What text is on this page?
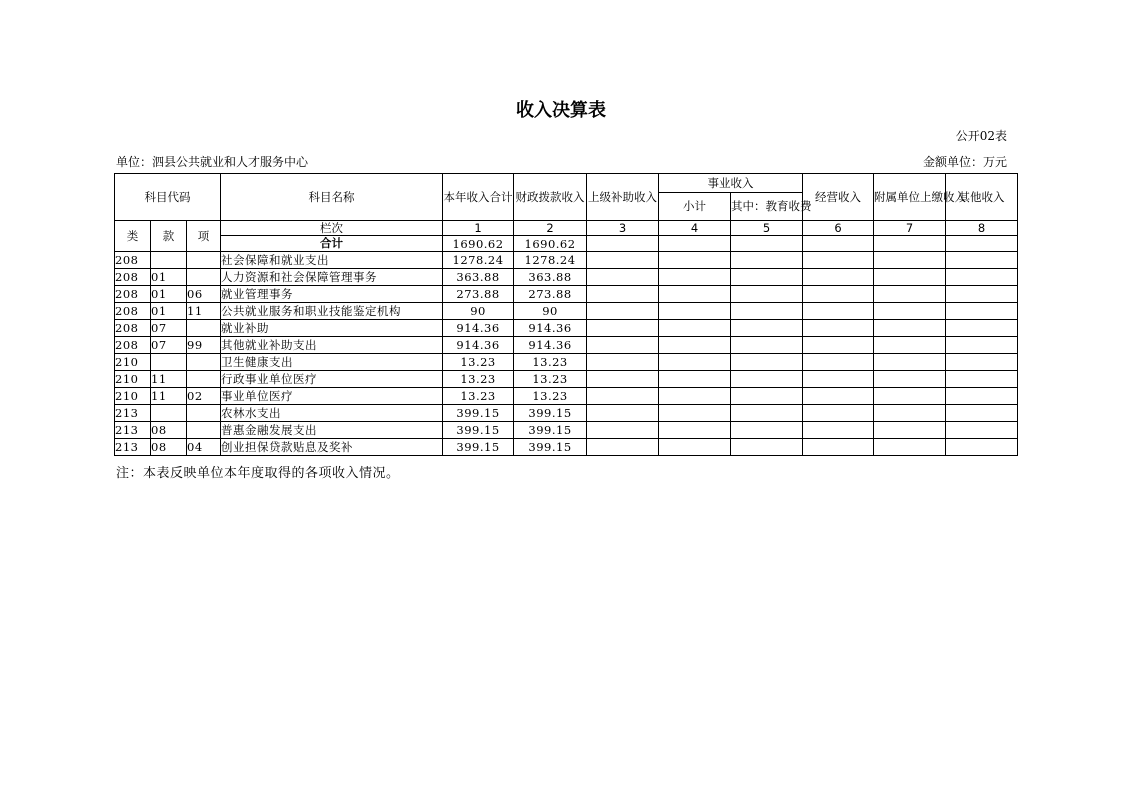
收入决算表
公开02表
单位：泗县公共就业和人才服务中心	金额单位：万元
科目代码			科目名称	本年收入合计	财政拨款收入	上级补助收入	事业收入		经营收入	附属单位上缴收入	其他收入
							小计	其中：教育收费			
类	款	项	栏次	1	2	3	4	5	6	7	8
			合计	1690.62	1690.62						
208			社会保障和就业支出	1278.24	1278.24						
208	01		人力资源和社会保障管理事务	363.88	363.88						
208	01	06	就业管理事务	273.88	273.88						
208	01	11	公共就业服务和职业技能鉴定机构	90	90						
208	07		就业补助	914.36	914.36						
208	07	99	其他就业补助支出	914.36	914.36						
210			卫生健康支出	13.23	13.23						
210	11		行政事业单位医疗	13.23	13.23						
210	11	02	事业单位医疗	13.23	13.23						
213			农林水支出	399.15	399.15						
213	08		普惠金融发展支出	399.15	399.15						
213	08	04	创业担保贷款贴息及奖补	399.15	399.15						
注：本表反映单位本年度取得的各项收入情况。
